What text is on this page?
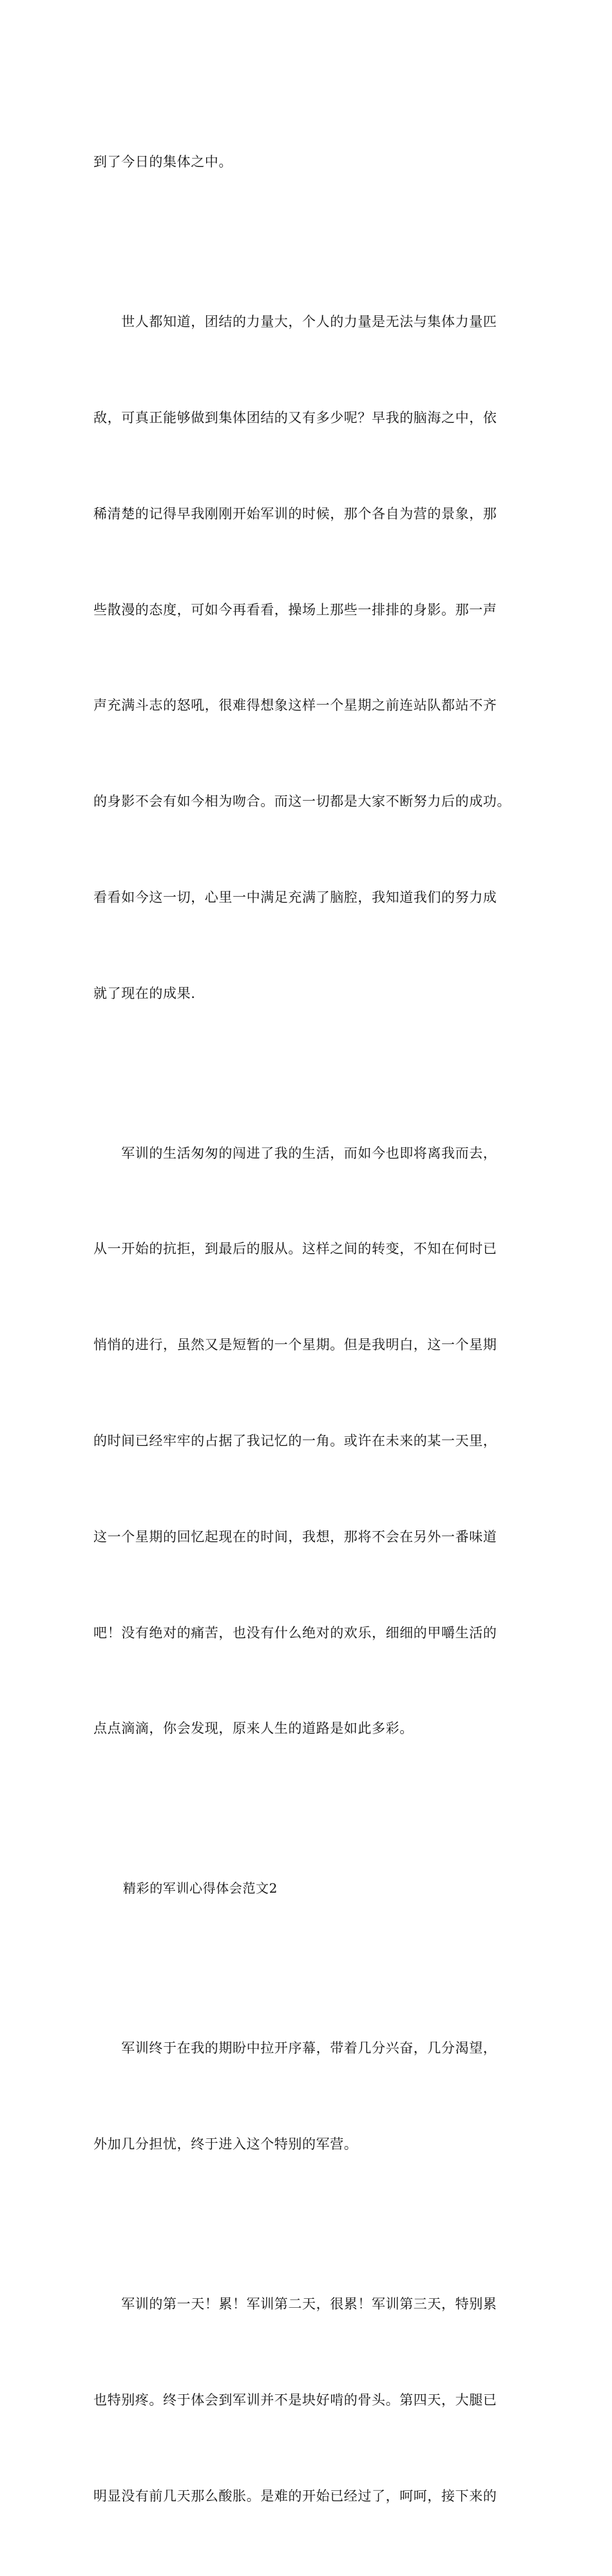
到了今日的集体之中。

　　世人都知道，团结的力量大，个人的力量是无法与集体力量匹

敌，可真正能够做到集体团结的又有多少呢？早我的脑海之中，依

稀清楚的记得早我刚刚开始军训的时候，那个各自为营的景象，那

些散漫的态度，可如今再看看，操场上那些一排排的身影。那一声

声充满斗志的怒吼，很难得想象这样一个星期之前连站队都站不齐

的身影不会有如今相为吻合。而这一切都是大家不断努力后的成功。

看看如今这一切，心里一中满足充满了脑腔，我知道我们的努力成

就了现在的成果.

　　军训的生活匆匆的闯进了我的生活，而如今也即将离我而去，

从一开始的抗拒，到最后的服从。这样之间的转变，不知在何时已

悄悄的进行，虽然又是短暂的一个星期。但是我明白，这一个星期

的时间已经牢牢的占据了我记忆的一角。或许在未来的某一天里，

这一个星期的回忆起现在的时间，我想，那将不会在另外一番味道

吧！没有绝对的痛苦，也没有什么绝对的欢乐，细细的甲嚼生活的

点点滴滴，你会发现，原来人生的道路是如此多彩。

精彩的军训心得体会范文2

　　军训终于在我的期盼中拉开序幕，带着几分兴奋，几分渴望，

外加几分担忧，终于进入这个特别的军营。

　　军训的第一天！累！军训第二天，很累！军训第三天，特别累

也特别疼。终于体会到军训并不是块好啃的骨头。第四天，大腿已

明显没有前几天那么酸胀。是难的开始已经过了，呵呵，接下来的
